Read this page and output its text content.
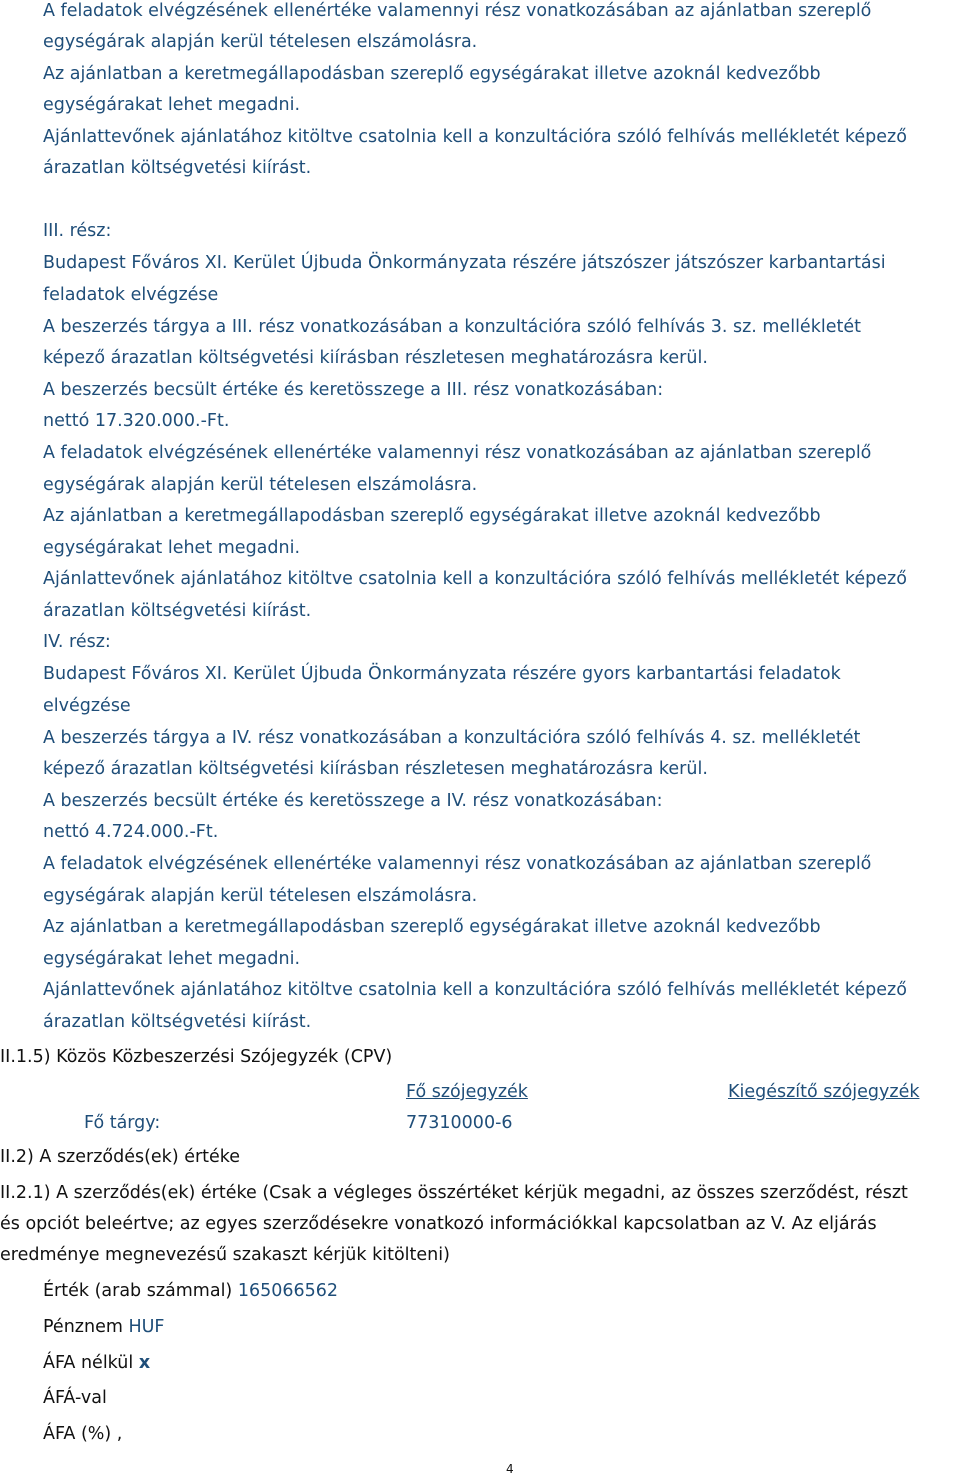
A feladatok elvégzésének ellenértéke valamennyi rész vonatkozásában az ajánlatban szereplő
egységárak alapján kerül tételesen elszámolásra.
Az ajánlatban a keretmegállapodásban szereplő egységárakat illetve azoknál kedvezőbb
egységárakat lehet megadni.
Ajánlattevőnek ajánlatához kitöltve csatolnia kell a konzultációra szóló felhívás mellékletét képező
árazatlan költségvetési kiírást.
III. rész:
Budapest Főváros XI. Kerület Újbuda Önkormányzata részére játszószer játszószer karbantartási
feladatok elvégzése
A beszerzés tárgya a III. rész vonatkozásában a konzultációra szóló felhívás 3. sz. mellékletét
képező árazatlan költségvetési kiírásban részletesen meghatározásra kerül.
A beszerzés becsült értéke és keretösszege a III. rész vonatkozásában:
nettó 17.320.000.-Ft.
A feladatok elvégzésének ellenértéke valamennyi rész vonatkozásában az ajánlatban szereplő
egységárak alapján kerül tételesen elszámolásra.
Az ajánlatban a keretmegállapodásban szereplő egységárakat illetve azoknál kedvezőbb
egységárakat lehet megadni.
Ajánlattevőnek ajánlatához kitöltve csatolnia kell a konzultációra szóló felhívás mellékletét képező
árazatlan költségvetési kiírást.
IV. rész:
Budapest Főváros XI. Kerület Újbuda Önkormányzata részére gyors karbantartási feladatok
elvégzése
A beszerzés tárgya a IV. rész vonatkozásában a konzultációra szóló felhívás 4. sz. mellékletét
képező árazatlan költségvetési kiírásban részletesen meghatározásra kerül.
A beszerzés becsült értéke és keretösszege a IV. rész vonatkozásában:
nettó 4.724.000.-Ft.
A feladatok elvégzésének ellenértéke valamennyi rész vonatkozásában az ajánlatban szereplő
egységárak alapján kerül tételesen elszámolásra.
Az ajánlatban a keretmegállapodásban szereplő egységárakat illetve azoknál kedvezőbb
egységárakat lehet megadni.
Ajánlattevőnek ajánlatához kitöltve csatolnia kell a konzultációra szóló felhívás mellékletét képező
árazatlan költségvetési kiírást.
II.1.5) Közös Közbeszerzési Szójegyzék (CPV)
Fő szójegyzék	Kiegészítő szójegyzék
Fő tárgy:	77310000-6
II.2) A szerződés(ek) értéke
II.2.1) A szerződés(ek) értéke (Csak a végleges összértéket kérjük megadni, az összes szerződést, részt
és opciót beleértve; az egyes szerződésekre vonatkozó információkkal kapcsolatban az V. Az eljárás
eredménye megnevezésű szakaszt kérjük kitölteni)
Érték (arab számmal) 165066562
Pénznem HUF
ÁFA nélkül x
ÁFÁ-val
ÁFA (%) ,
4
